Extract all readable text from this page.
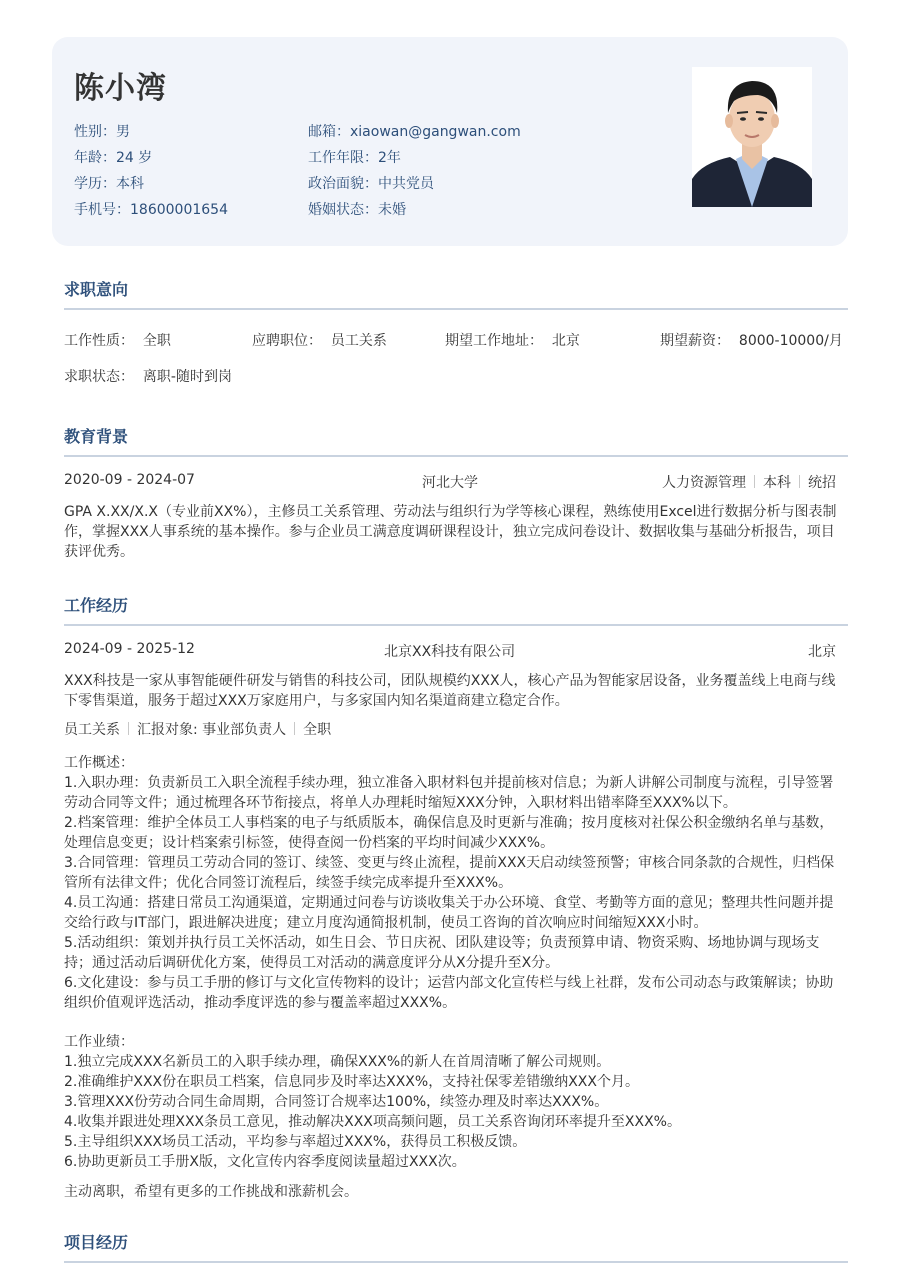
陈小湾
性别：男
年龄：24 岁
学历：本科
手机号：18600001654
邮箱：xiaowan@gangwan.com
工作年限：2年
政治面貌：中共党员
婚姻状态：未婚
求职意向
工作性质： 全职	应聘职位： 员工关系	期望工作地址： 北京	期望薪资： 8000-10000/月
求职状态： 离职-随时到岗
教育背景
2020-09 - 2024-07	河北大学	人力资源管理 本科 统招
GPA X.XX/X.X（专业前XX%），主修员工关系管理、劳动法与组织行为学等核心课程，熟练使用Excel进行数据分析与图表制
作，掌握XXX人事系统的基本操作。参与企业员工满意度调研课程设计，独立完成问卷设计、数据收集与基础分析报告，项目
获评优秀。
工作经历
2024-09 - 2025-12	北京XX科技有限公司	北京
XXX科技是一家从事智能硬件研发与销售的科技公司，团队规模约XXX人，核心产品为智能家居设备，业务覆盖线上电商与线
下零售渠道，服务于超过XXX万家庭用户，与多家国内知名渠道商建立稳定合作。
员工关系 汇报对象: 事业部负责人 全职
工作概述：
1.入职办理：负责新员工入职全流程手续办理，独立准备入职材料包并提前核对信息；为新人讲解公司制度与流程，引导签署
劳动合同等文件；通过梳理各环节衔接点，将单人办理耗时缩短XXX分钟，入职材料出错率降至XXX%以下。
2.档案管理：维护全体员工人事档案的电子与纸质版本，确保信息及时更新与准确；按月度核对社保公积金缴纳名单与基数，
处理信息变更；设计档案索引标签，使得查阅一份档案的平均时间减少XXX%。
3.合同管理：管理员工劳动合同的签订、续签、变更与终止流程，提前XXX天启动续签预警；审核合同条款的合规性，归档保
管所有法律文件；优化合同签订流程后，续签手续完成率提升至XXX%。
4.员工沟通：搭建日常员工沟通渠道，定期通过问卷与访谈收集关于办公环境、食堂、考勤等方面的意见；整理共性问题并提
交给行政与IT部门，跟进解决进度；建立月度沟通简报机制，使员工咨询的首次响应时间缩短XXX小时。
5.活动组织：策划并执行员工关怀活动，如生日会、节日庆祝、团队建设等；负责预算申请、物资采购、场地协调与现场支
持；通过活动后调研优化方案，使得员工对活动的满意度评分从X分提升至X分。
6.文化建设：参与员工手册的修订与文化宣传物料的设计；运营内部文化宣传栏与线上社群，发布公司动态与政策解读；协助
组织价值观评选活动，推动季度评选的参与覆盖率超过XXX%。
工作业绩：
1.独立完成XXX名新员工的入职手续办理，确保XXX%的新人在首周清晰了解公司规则。
2.准确维护XXX份在职员工档案，信息同步及时率达XXX%，支持社保零差错缴纳XXX个月。
3.管理XXX份劳动合同生命周期，合同签订合规率达100%，续签办理及时率达XXX%。
4.收集并跟进处理XXX条员工意见，推动解决XXX项高频问题，员工关系咨询闭环率提升至XXX%。
5.主导组织XXX场员工活动，平均参与率超过XXX%，获得员工积极反馈。
6.协助更新员工手册X版，文化宣传内容季度阅读量超过XXX次。
主动离职，希望有更多的工作挑战和涨薪机会。
项目经历
